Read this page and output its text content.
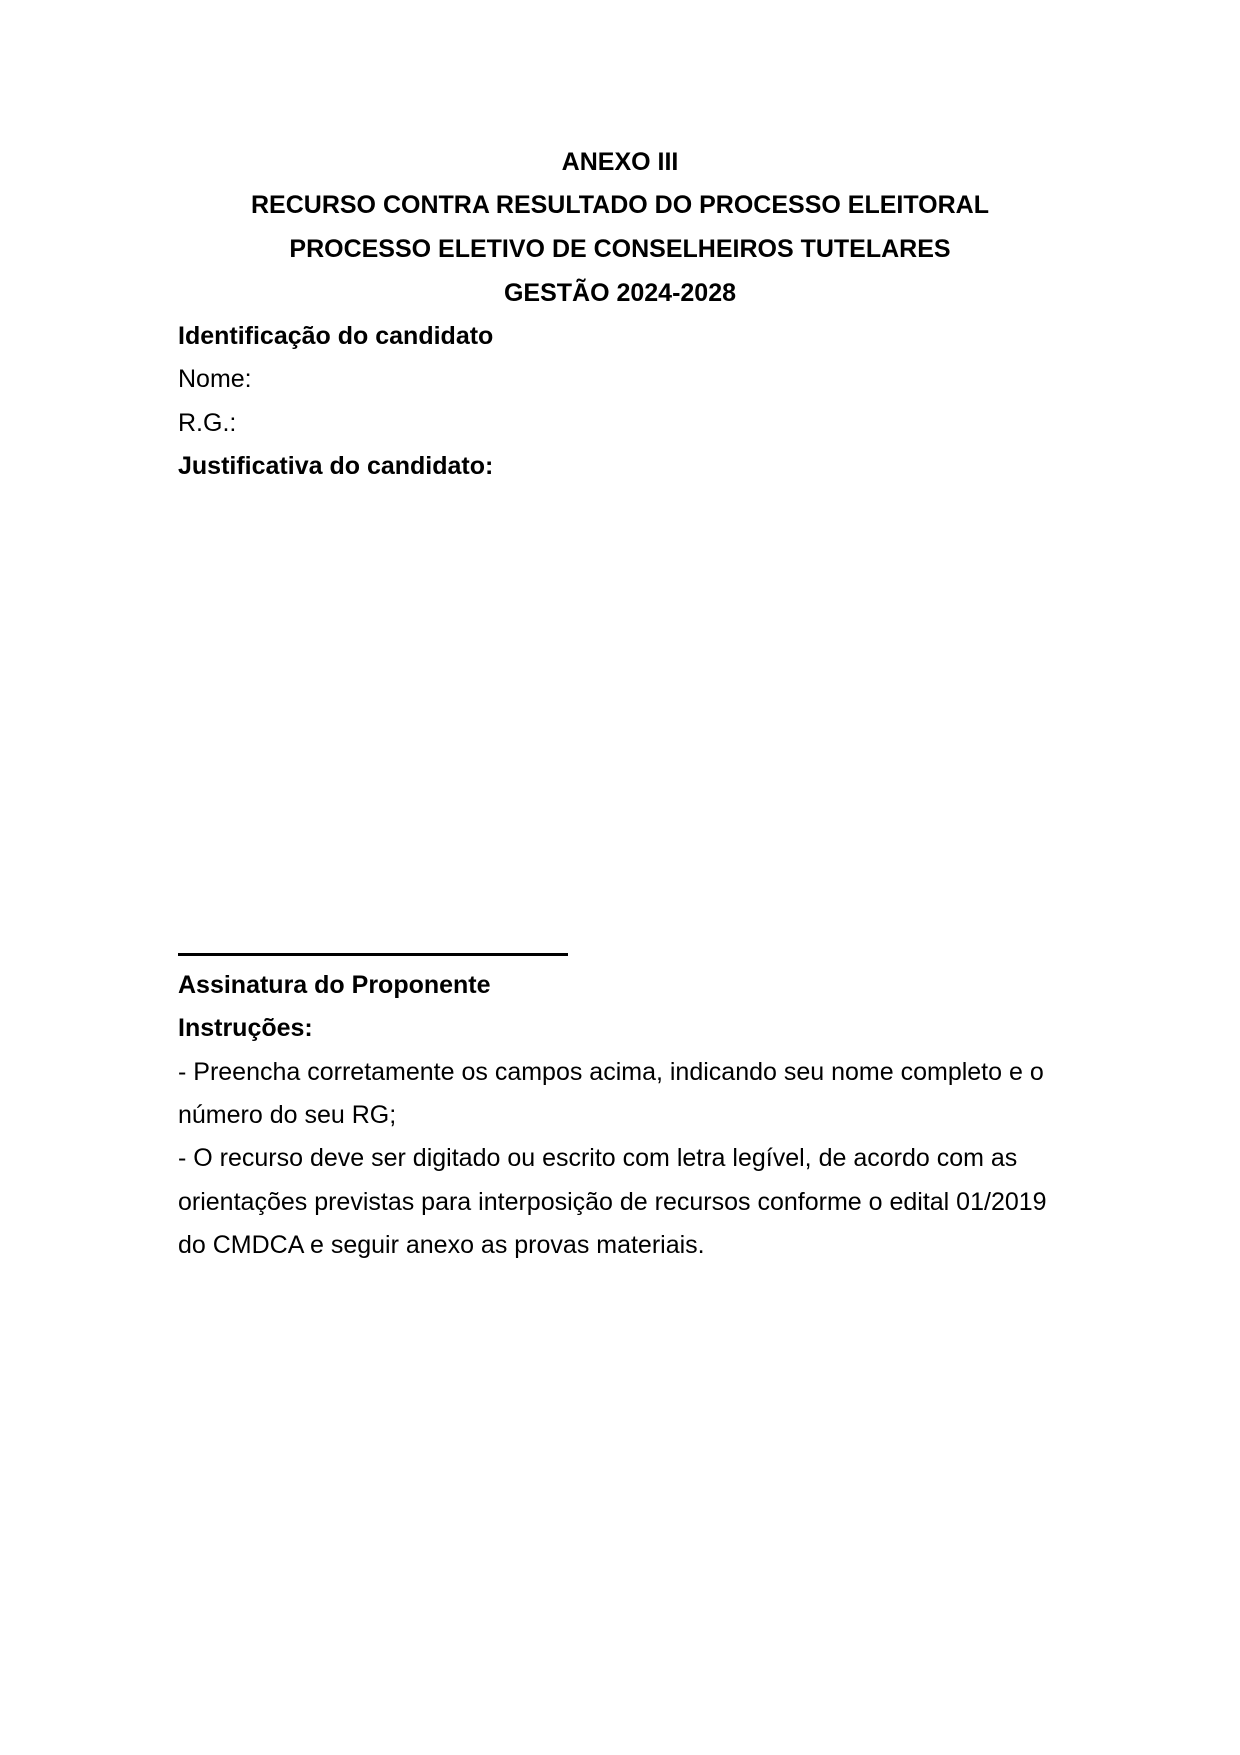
ANEXO III
RECURSO CONTRA RESULTADO DO PROCESSO ELEITORAL
PROCESSO ELETIVO DE CONSELHEIROS TUTELARES
GESTÃO 2024-2028
Identificação do candidato
Nome:
R.G.:
Justificativa do candidato:
Assinatura do Proponente
Instruções:
- Preencha corretamente os campos acima, indicando seu nome completo e o
número do seu RG;
- O recurso deve ser digitado ou escrito com letra legível, de acordo com as
orientações previstas para interposição de recursos conforme o edital 01/2019
do CMDCA e seguir anexo as provas materiais.
